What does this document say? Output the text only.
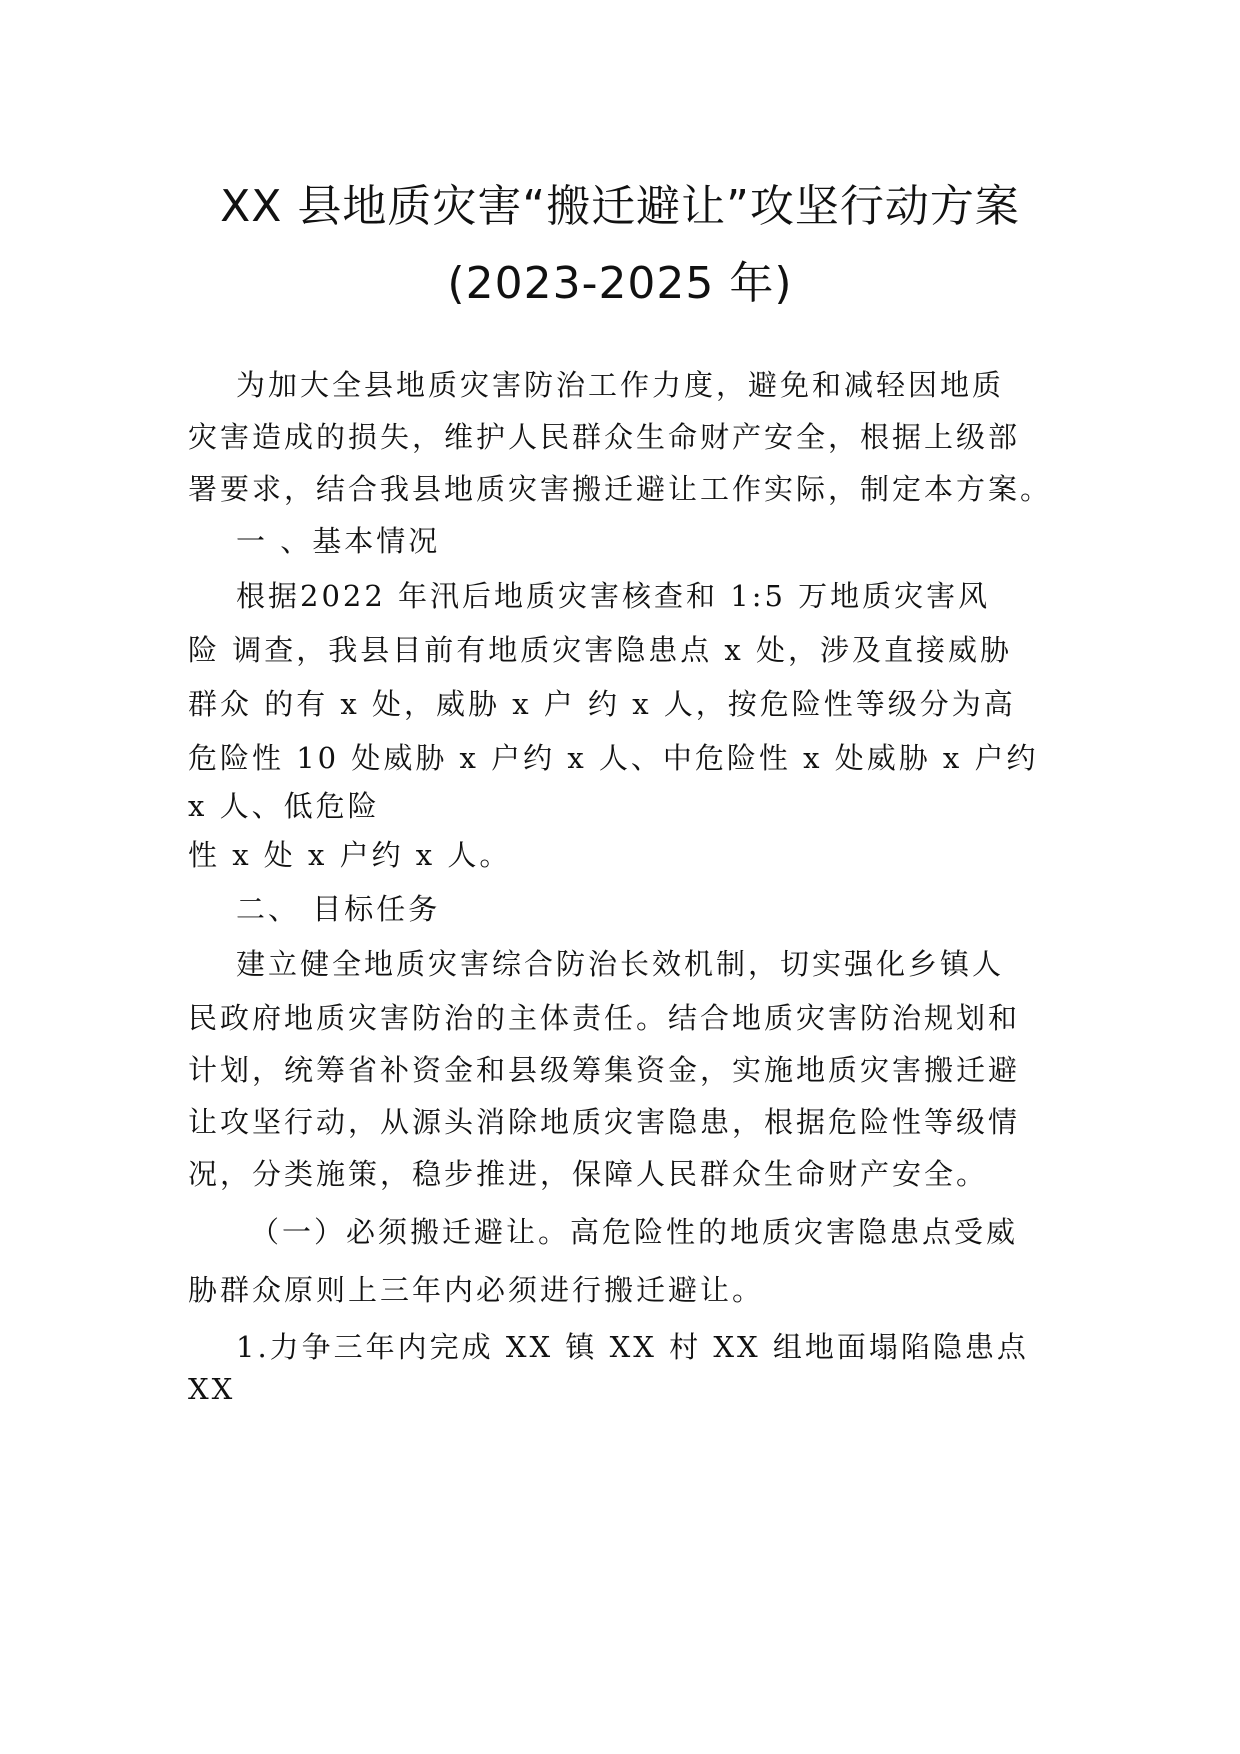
XX 县地质灾害“搬迁避让”攻坚行动方案
(2023-2025 年)

为加大全县地质灾害防治工作力度，避免和减轻因地质

灾害造成的损失，维护人民群众生命财产安全，根据上级部

署要求，结合我县地质灾害搬迁避让工作实际，制定本方案。

一 、基本情况

根据2022 年汛后地质灾害核查和 1:5 万地质灾害风

险 调查，我县目前有地质灾害隐患点 x 处，涉及直接威胁

群众 的有 x 处，威胁 x 户 约 x 人，按危险性等级分为高

危险性 10 处威胁 x 户约 x 人、中危险性 x 处威胁 x 户约

x 人、低危险

性 x 处 x 户约 x 人。

二、 目标任务

建立健全地质灾害综合防治长效机制，切实强化乡镇人

民政府地质灾害防治的主体责任。结合地质灾害防治规划和

计划，统筹省补资金和县级筹集资金，实施地质灾害搬迁避

让攻坚行动，从源头消除地质灾害隐患，根据危险性等级情

况，分类施策，稳步推进，保障人民群众生命财产安全。

（一）必须搬迁避让。高危险性的地质灾害隐患点受威

胁群众原则上三年内必须进行搬迁避让。

1.力争三年内完成 XX 镇 XX 村 XX 组地面塌陷隐患点

XX
